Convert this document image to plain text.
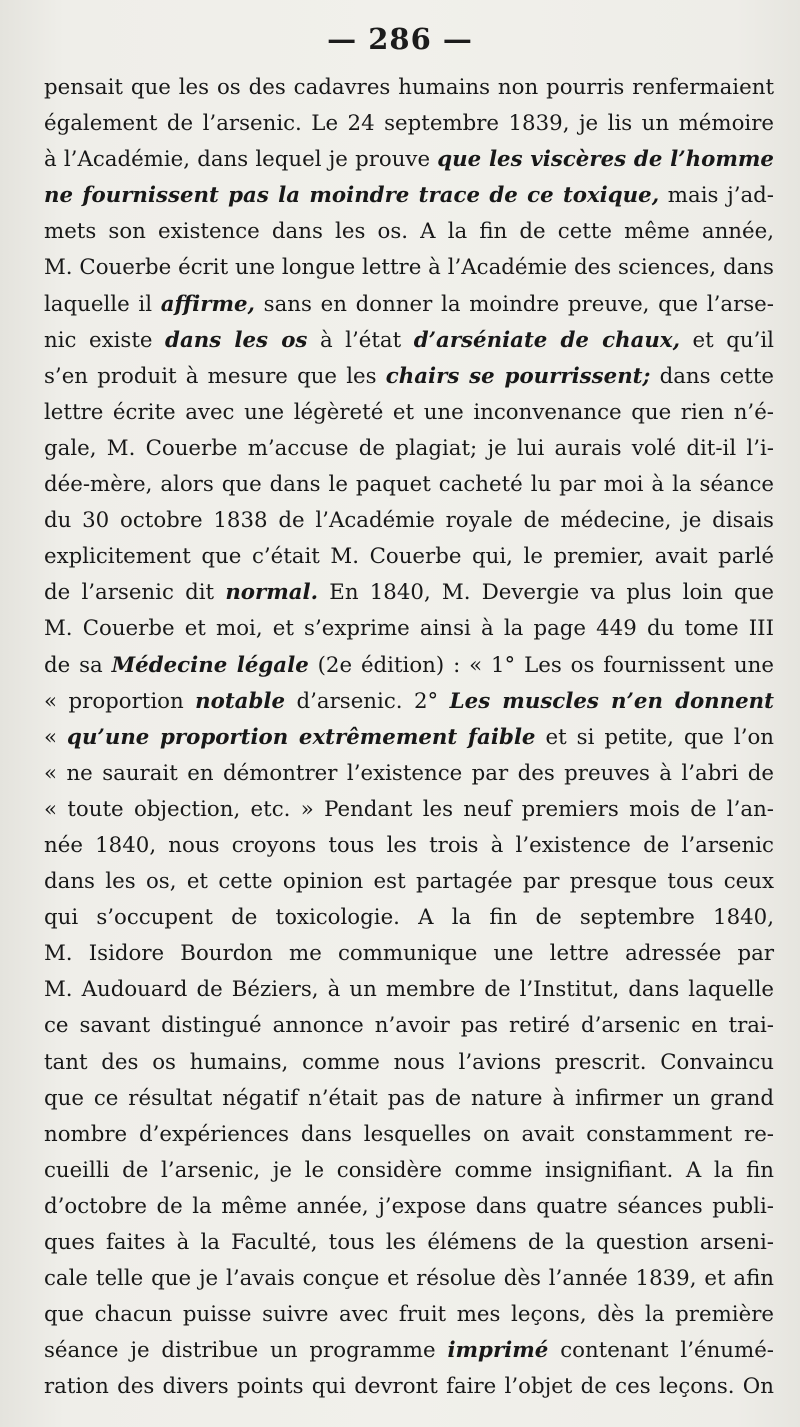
— 286 —
pensait que les os des cadavres humains non pourris renfermaient
également de l’arsenic. Le 24 septembre 1839, je lis un mémoire
à l’Académie, dans lequel je prouve que les viscères de l’homme
ne fournissent pas la moindre trace de ce toxique, mais j’ad-
mets son existence dans les os. A la fin de cette même année,
M. Couerbe écrit une longue lettre à l’Académie des sciences, dans
laquelle il affirme, sans en donner la moindre preuve, que l’arse-
nic existe dans les os à l’état d’arséniate de chaux, et qu’il
s’en produit à mesure que les chairs se pourrissent; dans cette
lettre écrite avec une légèreté et une inconvenance que rien n’é-
gale, M. Couerbe m’accuse de plagiat; je lui aurais volé dit-il l’i-
dée-mère, alors que dans le paquet cacheté lu par moi à la séance
du 30 octobre 1838 de l’Académie royale de médecine, je disais
explicitement que c’était M. Couerbe qui, le premier, avait parlé
de l’arsenic dit normal. En 1840, M. Devergie va plus loin que
M. Couerbe et moi, et s’exprime ainsi à la page 449 du tome III
de sa Médecine légale (2e édition) : « 1° Les os fournissent une
« proportion notable d’arsenic. 2° Les muscles n’en donnent
« qu’une proportion extrêmement faible et si petite, que l’on
« ne saurait en démontrer l’existence par des preuves à l’abri de
« toute objection, etc. » Pendant les neuf premiers mois de l’an-
née 1840, nous croyons tous les trois à l’existence de l’arsenic
dans les os, et cette opinion est partagée par presque tous ceux
qui s’occupent de toxicologie. A la fin de septembre 1840,
M. Isidore Bourdon me communique une lettre adressée par
M. Audouard de Béziers, à un membre de l’Institut, dans laquelle
ce savant distingué annonce n’avoir pas retiré d’arsenic en trai-
tant des os humains, comme nous l’avions prescrit. Convaincu
que ce résultat négatif n’était pas de nature à infirmer un grand
nombre d’expériences dans lesquelles on avait constamment re-
cueilli de l’arsenic, je le considère comme insignifiant. A la fin
d’octobre de la même année, j’expose dans quatre séances publi-
ques faites à la Faculté, tous les élémens de la question arseni-
cale telle que je l’avais conçue et résolue dès l’année 1839, et afin
que chacun puisse suivre avec fruit mes leçons, dès la première
séance je distribue un programme imprimé contenant l’énumé-
ration des divers points qui devront faire l’objet de ces leçons. On
